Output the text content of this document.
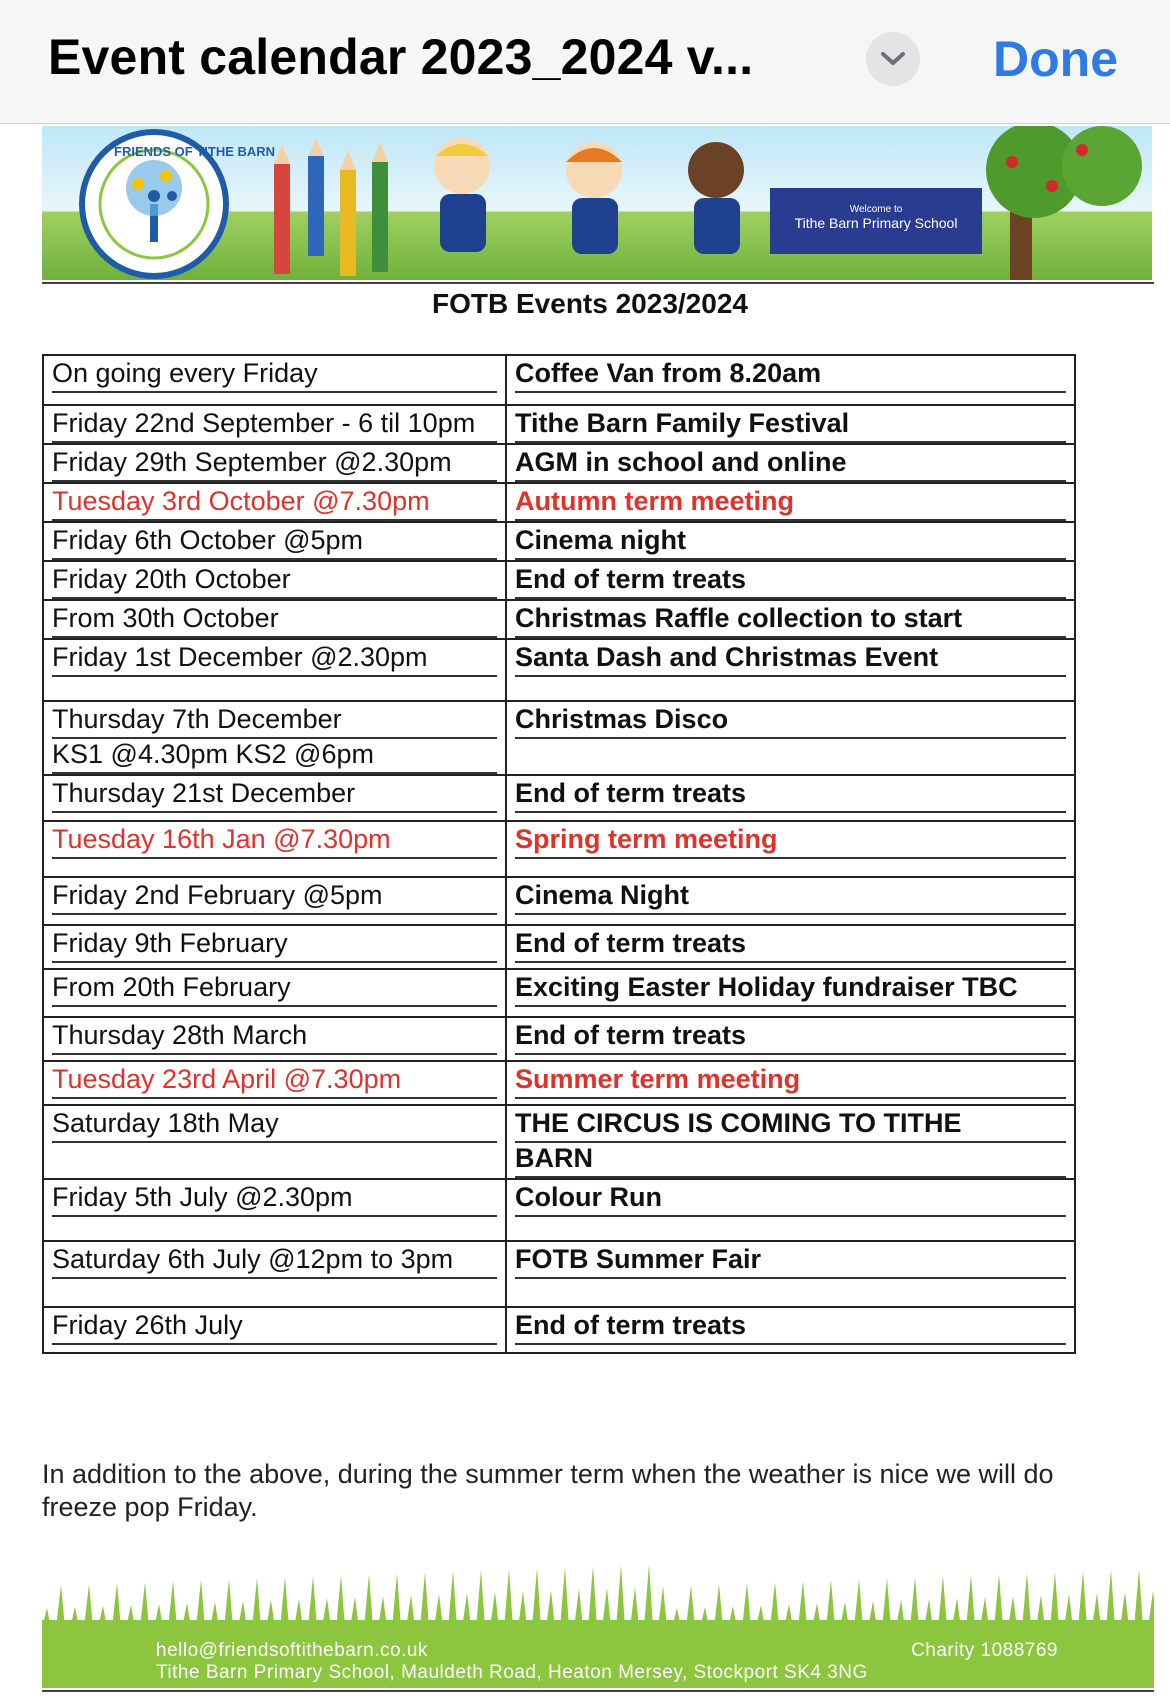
Event calendar 2023_2024 v...	Done
FRIENDS OF TITHE BARN
Welcome to
Tithe Barn Primary School
FOTB Events 2023/2024
On going every Friday	Coffee Van from 8.20am

Friday 22nd September - 6 til 10pm	Tithe Barn Family Festival

Friday 29th September @2.30pm	AGM in school and online

Tuesday 3rd October @7.30pm	Autumn term meeting

Friday 6th October @5pm	Cinema night

Friday 20th October	End of term treats

From 30th October	Christmas Raffle collection to start

Friday 1st December @2.30pm	Santa Dash and Christmas Event

Thursday 7th December
KS1 @4.30pm KS2 @6pm	Christmas Disco

Thursday 21st December	End of term treats

Tuesday 16th Jan @7.30pm	Spring term meeting

Friday 2nd February @5pm	Cinema Night

Friday 9th February	End of term treats

From 20th February	Exciting Easter Holiday fundraiser TBC

Thursday 28th March	End of term treats

Tuesday 23rd April @7.30pm	Summer term meeting

Saturday 18th May	THE CIRCUS IS COMING TO TITHE
BARN

Friday 5th July @2.30pm	Colour Run

Saturday 6th July @12pm to 3pm	FOTB Summer Fair

Friday 26th July	End of term treats
In addition to the above, during the summer term when the weather is nice we will do freeze pop Friday.
hello@friendsoftithebarn.co.uk	Charity 1088769
Tithe Barn Primary School, Mauldeth Road, Heaton Mersey, Stockport SK4 3NG
